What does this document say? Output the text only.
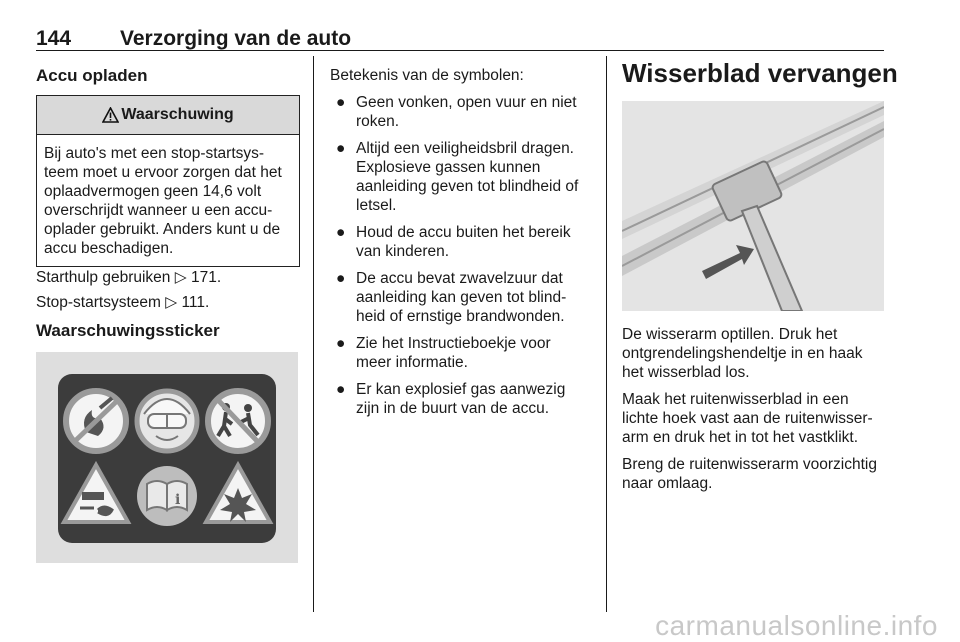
144 Verzorging van de auto
Accu opladen
Waarschuwing
Bij auto's met een stop-startsys-
teem moet u ervoor zorgen dat het
oplaadvermogen geen 14,6 volt
overschrijdt wanneer u een accu-
oplader gebruikt. Anders kunt u de
accu beschadigen.
Starthulp gebruiken ▷ 171.
Stop-startsysteem ▷ 111.
Waarschuwingssticker
i

Betekenis van de symbolen:

● Geen vonken, open vuur en niet
roken.
● Altijd een veiligheidsbril dragen.
Explosieve gassen kunnen
aanleiding geven tot blindheid of
letsel.
● Houd de accu buiten het bereik
van kinderen.
● De accu bevat zwavelzuur dat
aanleiding kan geven tot blind-
heid of ernstige brandwonden.
● Zie het Instructieboekje voor
meer informatie.
● Er kan explosief gas aanwezig
zijn in de buurt van de accu.
Wisserblad vervangen

De wisserarm optillen. Druk het
ontgrendelingshendeltje in en haak
het wisserblad los.

Maak het ruitenwisserblad in een
lichte hoek vast aan de ruitenwisser-
arm en druk het in tot het vastklikt.

Breng de ruitenwisserarm voorzichtig
naar omlaag.

carmanualsonline.info
